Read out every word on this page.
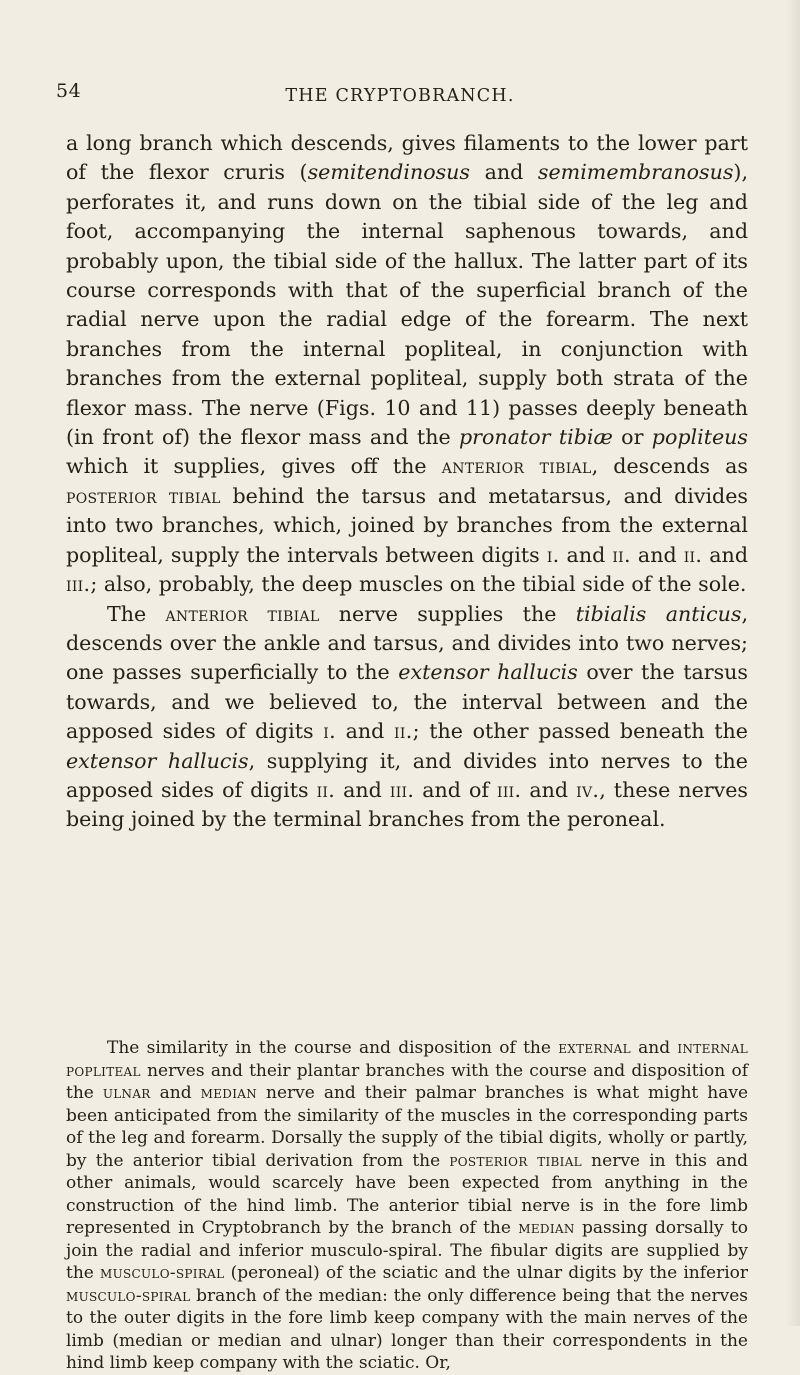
54	THE CRYPTOBRANCH.

a long branch which descends, gives filaments to the lower part of the flexor cruris (semitendinosus and semimembranosus), perforates it, and runs down on the tibial side of the leg and foot, accompanying the internal saphenous towards, and probably upon, the tibial side of the hallux. The latter part of its course corresponds with that of the superficial branch of the radial nerve upon the radial edge of the forearm. The next branches from the internal popliteal, in conjunction with branches from the external popliteal, supply both strata of the flexor mass. The nerve (Figs. 10 and 11) passes deeply beneath (in front of) the flexor mass and the pronator tibiæ or popliteus which it supplies, gives off the anterior tibial, descends as posterior tibial behind the tarsus and metatarsus, and divides into two branches, which, joined by branches from the external popliteal, supply the intervals between digits i. and ii. and ii. and iii.; also, probably, the deep muscles on the tibial side of the sole.

The anterior tibial nerve supplies the tibialis anticus, descends over the ankle and tarsus, and divides into two nerves; one passes superficially to the extensor hallucis over the tarsus towards, and we believed to, the interval between and the apposed sides of digits i. and ii.; the other passed beneath the extensor hallucis, supplying it, and divides into nerves to the apposed sides of digits ii. and iii. and of iii. and iv., these nerves being joined by the terminal branches from the peroneal.

The similarity in the course and disposition of the external and internal popliteal nerves and their plantar branches with the course and disposition of the ulnar and median nerve and their palmar branches is what might have been anticipated from the similarity of the muscles in the corresponding parts of the leg and forearm. Dorsally the supply of the tibial digits, wholly or partly, by the anterior tibial derivation from the posterior tibial nerve in this and other animals, would scarcely have been expected from anything in the construction of the hind limb. The anterior tibial nerve is in the fore limb represented in Cryptobranch by the branch of the median passing dorsally to join the radial and inferior musculo-spiral. The fibular digits are supplied by the musculo-spiral (peroneal) of the sciatic and the ulnar digits by the inferior musculo-spiral branch of the median: the only difference being that the nerves to the outer digits in the fore limb keep company with the main nerves of the limb (median or median and ulnar) longer than their correspondents in the hind limb keep company with the sciatic. Or,
